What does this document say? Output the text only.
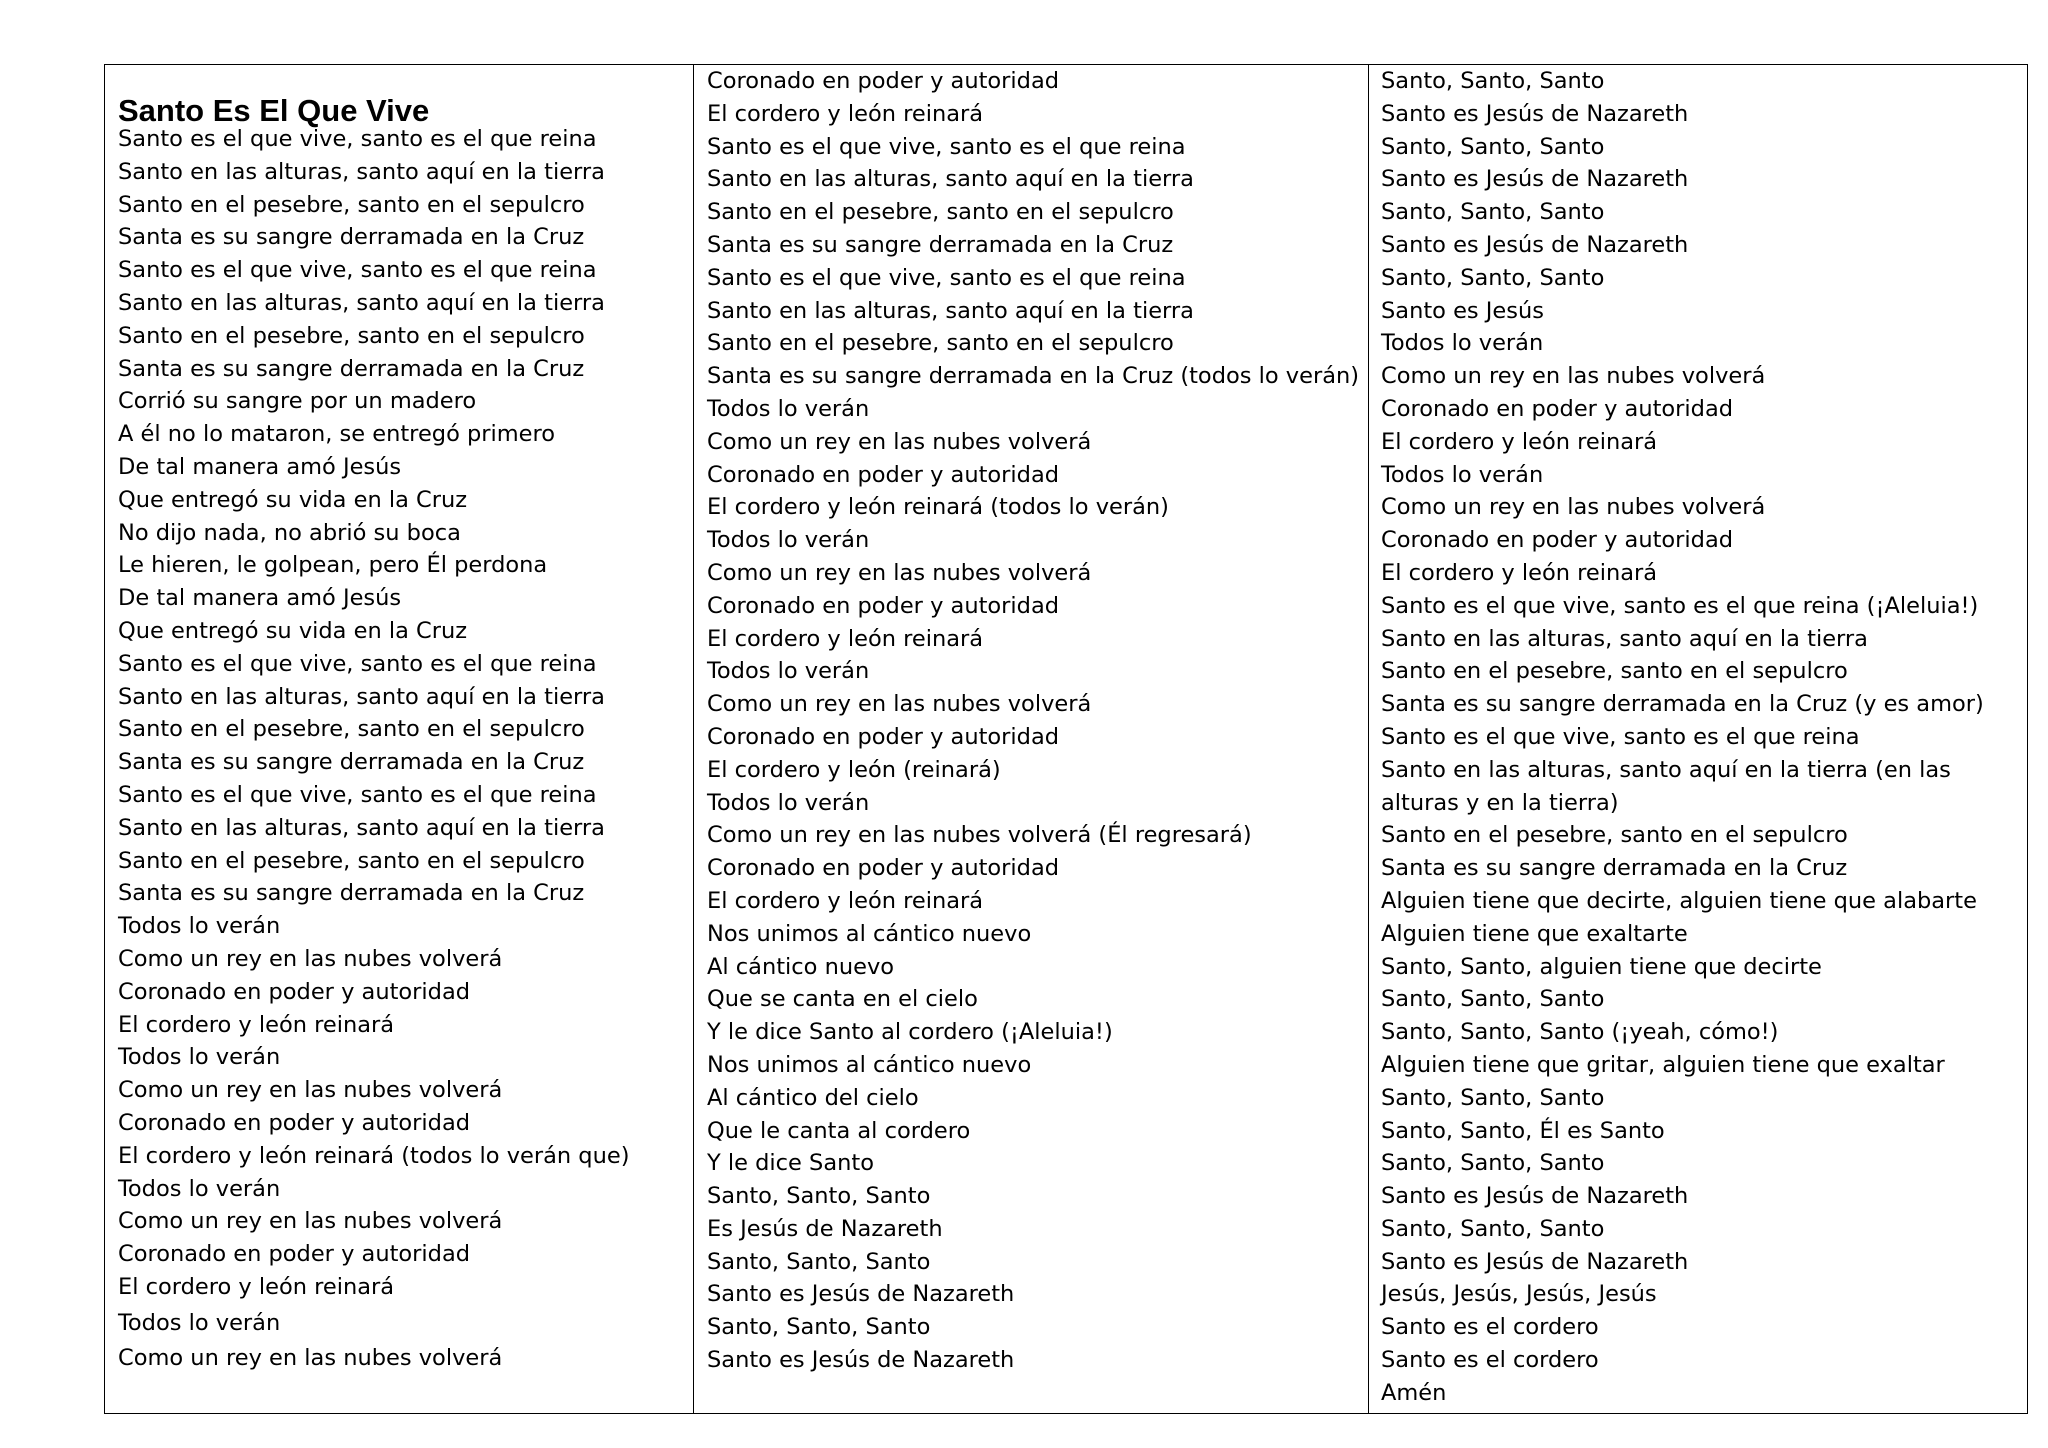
Santo Es El Que Vive
Santo es el que vive, santo es el que reina
Santo en las alturas, santo aquí en la tierra
Santo en el pesebre, santo en el sepulcro
Santa es su sangre derramada en la Cruz
Santo es el que vive, santo es el que reina
Santo en las alturas, santo aquí en la tierra
Santo en el pesebre, santo en el sepulcro
Santa es su sangre derramada en la Cruz
Corrió su sangre por un madero
A él no lo mataron, se entregó primero
De tal manera amó Jesús
Que entregó su vida en la Cruz
No dijo nada, no abrió su boca
Le hieren, le golpean, pero Él perdona
De tal manera amó Jesús
Que entregó su vida en la Cruz
Santo es el que vive, santo es el que reina
Santo en las alturas, santo aquí en la tierra
Santo en el pesebre, santo en el sepulcro
Santa es su sangre derramada en la Cruz
Santo es el que vive, santo es el que reina
Santo en las alturas, santo aquí en la tierra
Santo en el pesebre, santo en el sepulcro
Santa es su sangre derramada en la Cruz
Todos lo verán
Como un rey en las nubes volverá
Coronado en poder y autoridad
El cordero y león reinará
Todos lo verán
Como un rey en las nubes volverá
Coronado en poder y autoridad
El cordero y león reinará (todos lo verán que)
Todos lo verán
Como un rey en las nubes volverá
Coronado en poder y autoridad
El cordero y león reinará
Todos lo verán
Como un rey en las nubes volverá

Coronado en poder y autoridad
El cordero y león reinará
Santo es el que vive, santo es el que reina
Santo en las alturas, santo aquí en la tierra
Santo en el pesebre, santo en el sepulcro
Santa es su sangre derramada en la Cruz
Santo es el que vive, santo es el que reina
Santo en las alturas, santo aquí en la tierra
Santo en el pesebre, santo en el sepulcro
Santa es su sangre derramada en la Cruz (todos lo verán)
Todos lo verán
Como un rey en las nubes volverá
Coronado en poder y autoridad
El cordero y león reinará (todos lo verán)
Todos lo verán
Como un rey en las nubes volverá
Coronado en poder y autoridad
El cordero y león reinará
Todos lo verán
Como un rey en las nubes volverá
Coronado en poder y autoridad
El cordero y león (reinará)
Todos lo verán
Como un rey en las nubes volverá (Él regresará)
Coronado en poder y autoridad
El cordero y león reinará
Nos unimos al cántico nuevo
Al cántico nuevo
Que se canta en el cielo
Y le dice Santo al cordero (¡Aleluia!)
Nos unimos al cántico nuevo
Al cántico del cielo
Que le canta al cordero
Y le dice Santo
Santo, Santo, Santo
Es Jesús de Nazareth
Santo, Santo, Santo
Santo es Jesús de Nazareth
Santo, Santo, Santo
Santo es Jesús de Nazareth

Santo, Santo, Santo
Santo es Jesús de Nazareth
Santo, Santo, Santo
Santo es Jesús de Nazareth
Santo, Santo, Santo
Santo es Jesús de Nazareth
Santo, Santo, Santo
Santo es Jesús
Todos lo verán
Como un rey en las nubes volverá
Coronado en poder y autoridad
El cordero y león reinará
Todos lo verán
Como un rey en las nubes volverá
Coronado en poder y autoridad
El cordero y león reinará
Santo es el que vive, santo es el que reina (¡Aleluia!)
Santo en las alturas, santo aquí en la tierra
Santo en el pesebre, santo en el sepulcro
Santa es su sangre derramada en la Cruz (y es amor)
Santo es el que vive, santo es el que reina
Santo en las alturas, santo aquí en la tierra (en las alturas y en la tierra)
Santo en el pesebre, santo en el sepulcro
Santa es su sangre derramada en la Cruz
Alguien tiene que decirte, alguien tiene que alabarte
Alguien tiene que exaltarte
Santo, Santo, alguien tiene que decirte
Santo, Santo, Santo
Santo, Santo, Santo (¡yeah, cómo!)
Alguien tiene que gritar, alguien tiene que exaltar
Santo, Santo, Santo
Santo, Santo, Él es Santo
Santo, Santo, Santo
Santo es Jesús de Nazareth
Santo, Santo, Santo
Santo es Jesús de Nazareth
Jesús, Jesús, Jesús, Jesús
Santo es el cordero
Santo es el cordero
Amén
